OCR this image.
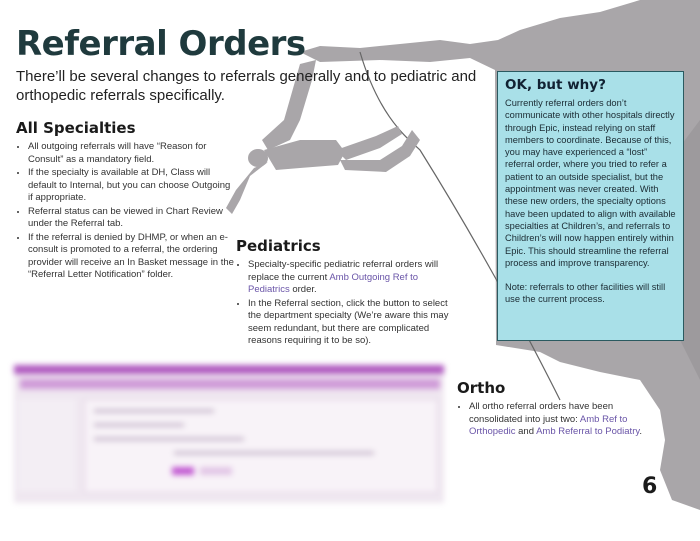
Referral Orders

There’ll be several changes to referrals generally and to pediatric and orthopedic referrals specifically.

All Specialties
• All outgoing referrals will have “Reason for Consult” as a mandatory field.
• If the specialty is available at DH, Class will default to Internal, but you can choose Outgoing if appropriate.
• Referral status can be viewed in Chart Review under the Referral tab.
• If the referral is denied by DHMP, or when an e-consult is promoted to a referral, the ordering provider will receive an In Basket message in the “Referral Letter Notification” folder.
Pediatrics
• Specialty-specific pediatric referral orders will replace the current Amb Outgoing Ref to Pediatrics order.
• In the Referral section, click the button to select the department specialty (We’re aware this may seem redundant, but there are complicated reasons requiring it to be so).
Ortho
• All ortho referral orders have been consolidated into just two: Amb Ref to Orthopedic and Amb Referral to Podiatry.
OK, but why?

Currently referral orders don’t communicate with other hospitals directly through Epic, instead relying on staff members to coordinate. Because of this, you may have experienced a “lost” referral order, where you tried to refer a patient to an outside specialist, but the appointment was never created. With these new orders, the specialty options have been updated to align with available specialties at Children’s, and referrals to Children’s will now happen entirely within Epic. This should streamline the referral process and improve transparency.

Note: referrals to other facilities will still use the current process.

6
